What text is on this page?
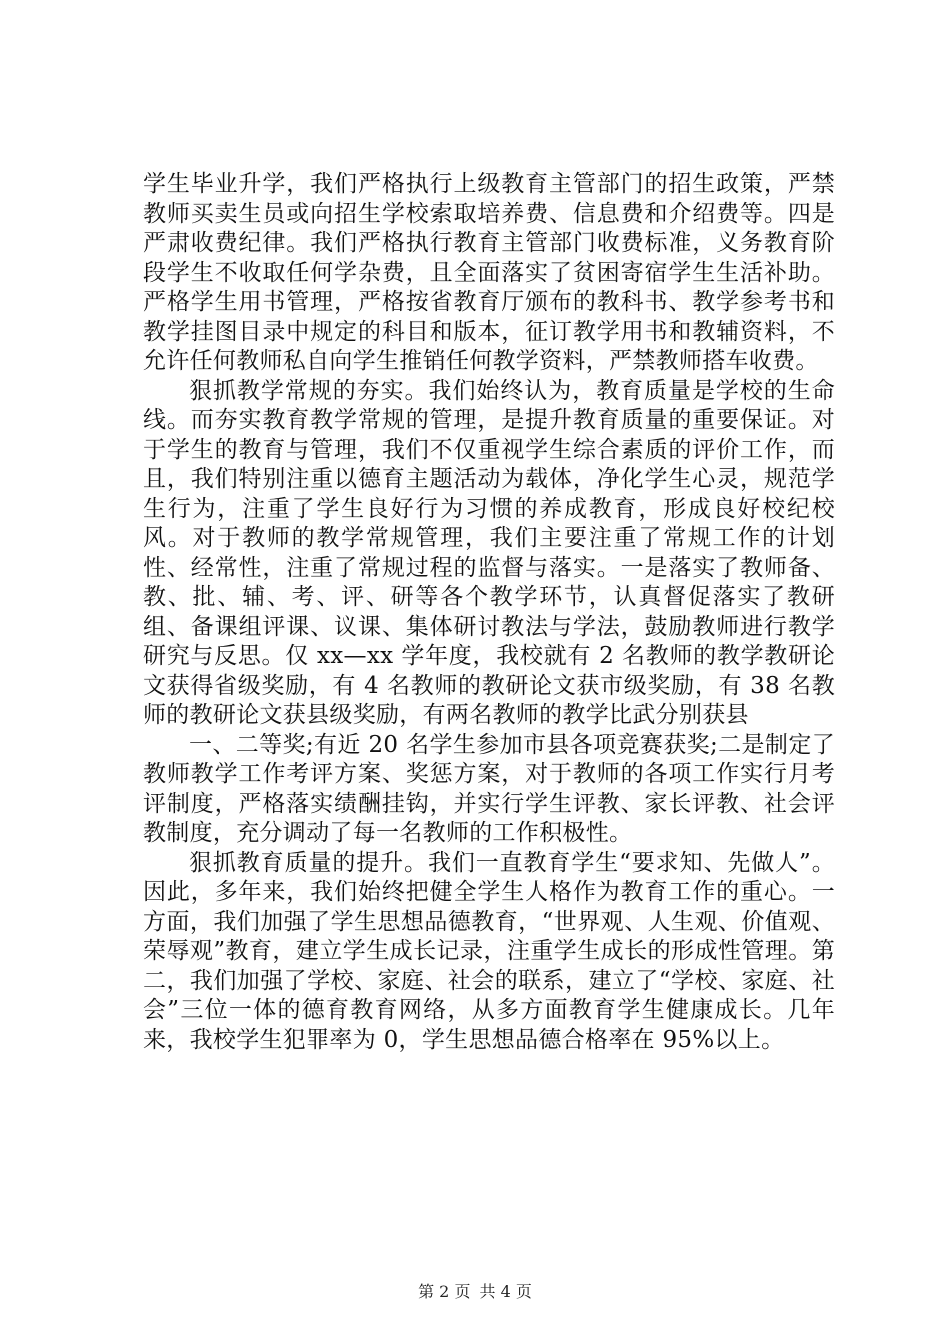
学生毕业升学，我们严格执行上级教育主管部门的招生政策，严禁教师买卖生员或向招生学校索取培养费、信息费和介绍费等。四是严肃收费纪律。我们严格执行教育主管部门收费标准，义务教育阶段学生不收取任何学杂费，且全面落实了贫困寄宿学生生活补助。严格学生用书管理，严格按省教育厅颁布的教科书、教学参考书和教学挂图目录中规定的科目和版本，征订教学用书和教辅资料，不允许任何教师私自向学生推销任何教学资料，严禁教师搭车收费。

狠抓教学常规的夯实。我们始终认为，教育质量是学校的生命线。而夯实教育教学常规的管理，是提升教育质量的重要保证。对于学生的教育与管理，我们不仅重视学生综合素质的评价工作，而且，我们特别注重以德育主题活动为载体，净化学生心灵，规范学生行为，注重了学生良好行为习惯的养成教育，形成良好校纪校风。对于教师的教学常规管理，我们主要注重了常规工作的计划性、经常性，注重了常规过程的监督与落实。一是落实了教师备、教、批、辅、考、评、研等各个教学环节，认真督促落实了教研组、备课组评课、议课、集体研讨教法与学法，鼓励教师进行教学研究与反思。仅 xx—xx 学年度，我校就有 2 名教师的教学教研论文获得省级奖励，有 4 名教师的教研论文获市级奖励，有 38 名教师的教研论文获县级奖励，有两名教师的教学比武分别获县

一、二等奖;有近 20 名学生参加市县各项竞赛获奖;二是制定了教师教学工作考评方案、奖惩方案，对于教师的各项工作实行月考评制度，严格落实绩酬挂钩，并实行学生评教、家长评教、社会评教制度，充分调动了每一名教师的工作积极性。

狠抓教育质量的提升。我们一直教育学生“要求知、先做人”。因此，多年来，我们始终把健全学生人格作为教育工作的重心。一方面，我们加强了学生思想品德教育，“世界观、人生观、价值观、荣辱观”教育，建立学生成长记录，注重学生成长的形成性管理。第二，我们加强了学校、家庭、社会的联系，建立了“学校、家庭、社会”三位一体的德育教育网络，从多方面教育学生健康成长。几年来，我校学生犯罪率为 0，学生思想品德合格率在 95%以上。

第 2 页 共 4 页
